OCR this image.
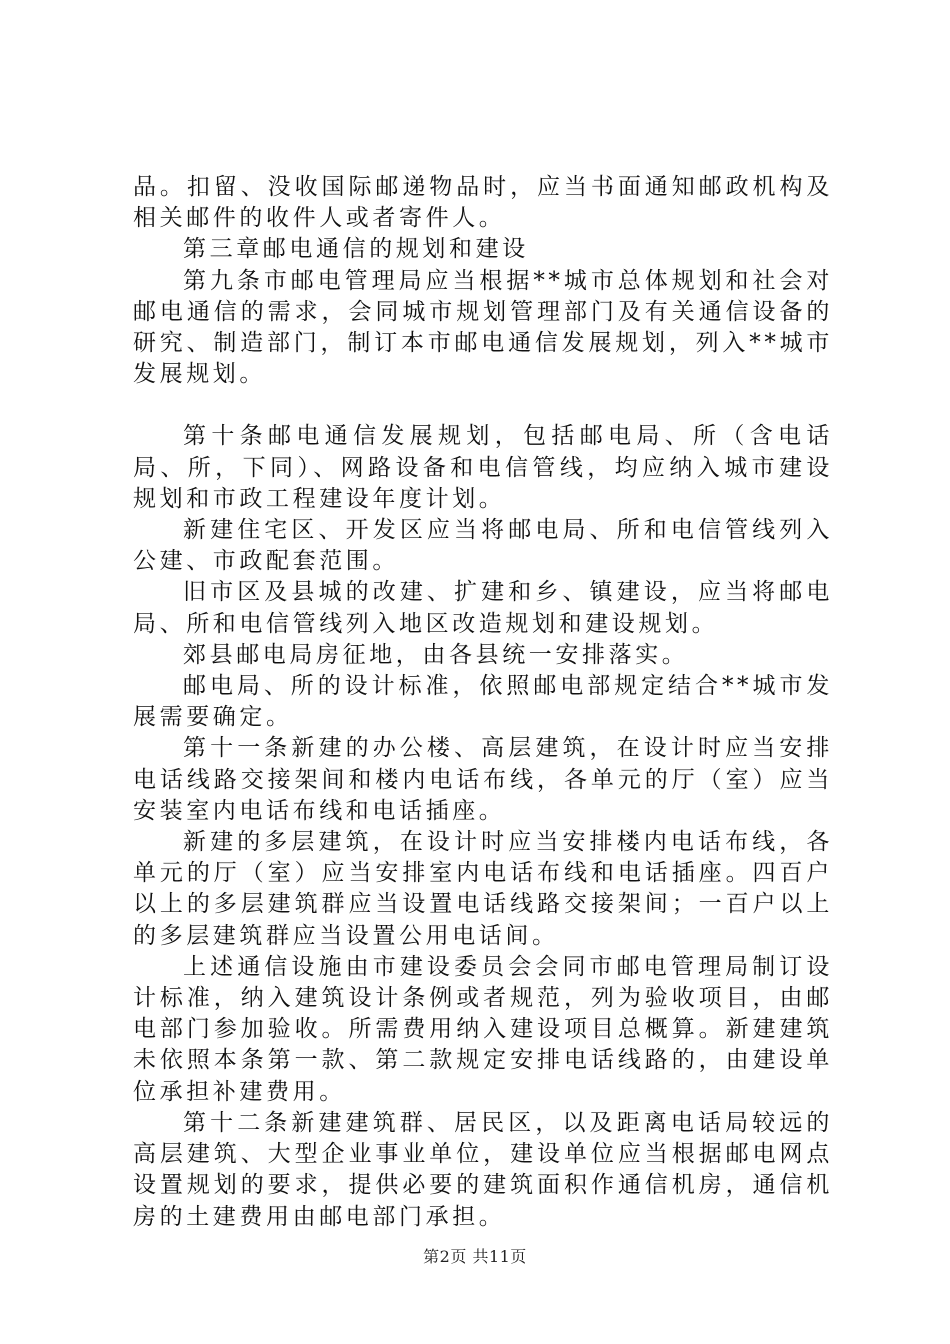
品。扣留、没收国际邮递物品时，应当书面通知邮政机构及相关邮件的收件人或者寄件人。

第三章邮电通信的规划和建设

第九条市邮电管理局应当根据**城市总体规划和社会对邮电通信的需求，会同城市规划管理部门及有关通信设备的研究、制造部门，制订本市邮电通信发展规划，列入**城市发展规划。

第十条邮电通信发展规划，包括邮电局、所（含电话局、所，下同）、网路设备和电信管线，均应纳入城市建设规划和市政工程建设年度计划。

新建住宅区、开发区应当将邮电局、所和电信管线列入公建、市政配套范围。

旧市区及县城的改建、扩建和乡、镇建设，应当将邮电局、所和电信管线列入地区改造规划和建设规划。

郊县邮电局房征地，由各县统一安排落实。

邮电局、所的设计标准，依照邮电部规定结合**城市发展需要确定。

第十一条新建的办公楼、高层建筑，在设计时应当安排电话线路交接架间和楼内电话布线，各单元的厅（室）应当安装室内电话布线和电话插座。

新建的多层建筑，在设计时应当安排楼内电话布线，各单元的厅（室）应当安排室内电话布线和电话插座。四百户以上的多层建筑群应当设置电话线路交接架间；一百户以上的多层建筑群应当设置公用电话间。

上述通信设施由市建设委员会会同市邮电管理局制订设计标准，纳入建筑设计条例或者规范，列为验收项目，由邮电部门参加验收。所需费用纳入建设项目总概算。新建建筑未依照本条第一款、第二款规定安排电话线路的，由建设单位承担补建费用。

第十二条新建建筑群、居民区，以及距离电话局较远的高层建筑、大型企业事业单位，建设单位应当根据邮电网点设置规划的要求，提供必要的建筑面积作通信机房，通信机房的土建费用由邮电部门承担。

第2页 共11页
